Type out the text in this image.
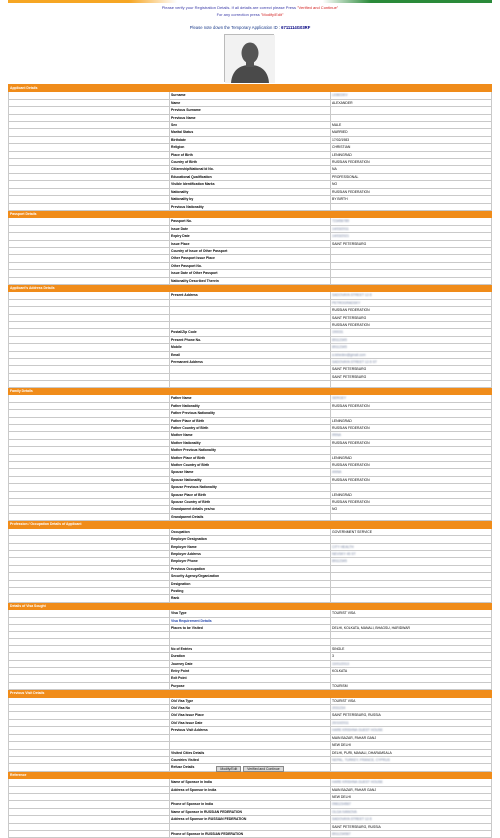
Please verify your Registration Details. If all details are correct please Press "Verified and Continue"
For any correction press "Modify/Edit"
Please note down the Temporary Application ID : 6711114G03RF
Applicant Details		
	Surname	LEBEDEV
	Name	ALEXANDER
	Previous Surname	
	Previous Name	
	Sex	MALE
	Marital Status	MARRIED
	Birthdate	17/02/1983
	Religion	CHRISTIAN
	Place of Birth	LENINGRAD
	Country of Birth	RUSSIAN FEDERATION
	Citizenship/National Id No.	NA
	Educational Qualification	PROFESSIONAL
	Visible Identification Marks	NO
	Nationality	RUSSIAN FEDERATION
	Nationality by	BY BIRTH
	Previous Nationality	
Passport Details		
	Passport No.	723456789
	Issue Date	14/03/2011
	Expiry Date	14/03/2021
	Issue Place	SAINT PETERSBURG
	Country of Issue of Other Passport	
	Other Passport Issue Place	
	Other Passport No.	
	Issue Date of Other Passport	
	Nationality Described Therein	
Applicant's Address Details		
	Present Address	SADOVAYA STREET 12-5
		PETROGRADSKY
		RUSSIAN FEDERATION
		SAINT PETERSBURG
		RUSSIAN FEDERATION
	Postal/Zip Code	190031
	Present Phone No.	89112345
	Mobile	89112345
	Email	a.lebedev@gmail.com
	Permanent Address	SADOVAYA STREET 12-5 ST
		SAINT PETERSBURG
		SAINT PETERSBURG

Family Details		
	Father Name	SERGEY
	Father Nationality	RUSSIAN FEDERATION
	Father Previous Nationality	
	Father Place of Birth	LENINGRAD
	Father Country of Birth	RUSSIAN FEDERATION
	Mother Name	IRINA
	Mother Nationality	RUSSIAN FEDERATION
	Mother Previous Nationality	
	Mother Place of Birth	LENINGRAD
	Mother Country of Birth	RUSSIAN FEDERATION
	Spouse Name	ANNA
	Spouse Nationality	RUSSIAN FEDERATION
	Spouse Previous Nationality	
	Spouse Place of Birth	LENINGRAD
	Spouse Country of Birth	RUSSIAN FEDERATION
	Grandparent details yes/no	NO
	Grandparent Details	
Profession / Occupation Details of Applicant		
	Occupation	GOVERNMENT SERVICE
	Employer Designation	
	Employer Name	CITY HEALTH
	Employer Address	NEVSKY 45 ST
	Employer Phone	89112345
	Previous Occupation	
	Security Agency/Organization	
	Designation	
	Posting	
	Rank	
Details of Visa Sought		
	Visa Type	TOURIST VISA
	Visa Requirement Details	
	Places to be Visited	DELHI, KOLKATA, MANALI, BHAGSU, HARIDWAR

	No of Entries	SINGLE
	Duration	3
	Journey Date	10/01/2013
	Entry Point	KOLKATA
	Exit Point	
	Purpose	TOURISM
Previous Visit Details		
	Old Visa Type	TOURIST VISA
	Old Visa No	2031234
	Old Visa Issue Place	SAINT PETERSBURG, RUSSIA
	Old Visa Issue Date	20/10/2011
	Previous Visit Address	HARE KRISHNA GUEST HOUSE
		MAIN BAZAR, PAHAR GANJ
		NEW DELHI
	Visited Cities Details	DELHI, PURI, MANALI, DHARAMSALA
	Countries Visited	NEPAL, TURKEY, FRANCE, CYPRUS
	Refuse Details	
Reference		
	Name of Sponsor in India	HARE KRISHNA GUEST HOUSE
	Address of Sponsor in India	MAIN BAZAR, PAHAR GANJ
		NEW DELHI
	Phone of Sponsor in India	0981234567
	Name of Sponsor in RUSSIAN FEDERATION	OLGA IVANOVA
	Address of Sponsor in RUSSIAN FEDERATION	SADOVAYA STREET 12-5
		SAINT PETERSBURG, RUSSIA
	Phone of Sponsor in RUSSIAN FEDERATION	8911234567
Modify/Edit	Verified and Continue
